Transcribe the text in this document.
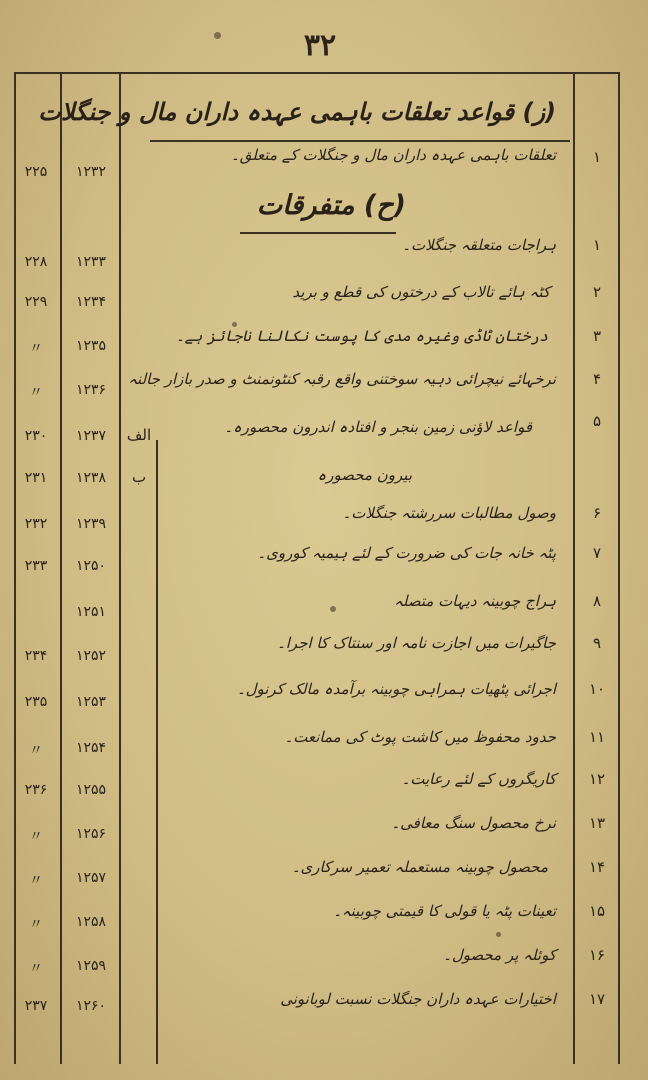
۳۲
(ز) قواعد تعلقات باہمی عہدہ داران مال و جنگلات
۱
تعلقات باہمی عہدہ داران مال و جنگلات کے متعلق۔
۱۲۳۲
۲۲۵
(ح) متفرقات
۱
ہراجات متعلقہ جنگلات۔
۱۲۳۳
۲۲۸
۲
کٹہ ہائے تالاب کے درختوں کی قطع و برید
۱۲۳۴
۲۲۹
۳
درختان ٹاڈی وغیرہ مدی کا پوست نکالنا ناجائز ہے۔
۱۲۳۵
〃
۴
نرخہائے نیچرائی دہیہ سوختنی واقع رقبہ کنٹونمنٹ و صدر بازار جالنہ
۱۲۳۶
〃
۵
قواعد لاؤنی زمین بنجر و افتادہ اندرون محصورہ۔
الف
۱۲۳۷
۲۳۰
بیرون محصورہ
ب
۱۲۳۸
۲۳۱
۶
وصول مطالبات سررشتہ جنگلات۔
۱۲۳۹
۲۳۲
۷
پٹہ خانہ جات کی ضرورت کے لئے ہیمیہ کوروی۔
۱۲۵۰
۲۳۳
۸
ہراج چوبینہ دیہات متصلہ
۱۲۵۱
۹
جاگیرات میں اجازت نامہ اور سنتاک کا اجرا۔
۱۲۵۲
۲۳۴
۱۰
اجرائی پٹھیات ہمراہی چوبینہ برآمدہ مالک کرنول۔
۱۲۵۳
۲۳۵
۱۱
حدود محفوظ میں کاشت پوٹ کی ممانعت۔
۱۲۵۴
〃
۱۲
کاریگروں کے لئے رعایت۔
۱۲۵۵
۲۳۶
۱۳
نرخ محصول سنگ معافی۔
۱۲۵۶
〃
۱۴
محصول چوبینہ مستعملہ تعمیر سرکاری۔
۱۲۵۷
〃
۱۵
تعینات پٹہ یا قولی کا قیمتی چوبینہ۔
۱۲۵۸
〃
۱۶
کوئلہ پر محصول۔
۱۲۵۹
〃
۱۷
اختیارات عہدہ داران جنگلات نسبت لوبانونی
۱۲۶۰
۲۳۷
